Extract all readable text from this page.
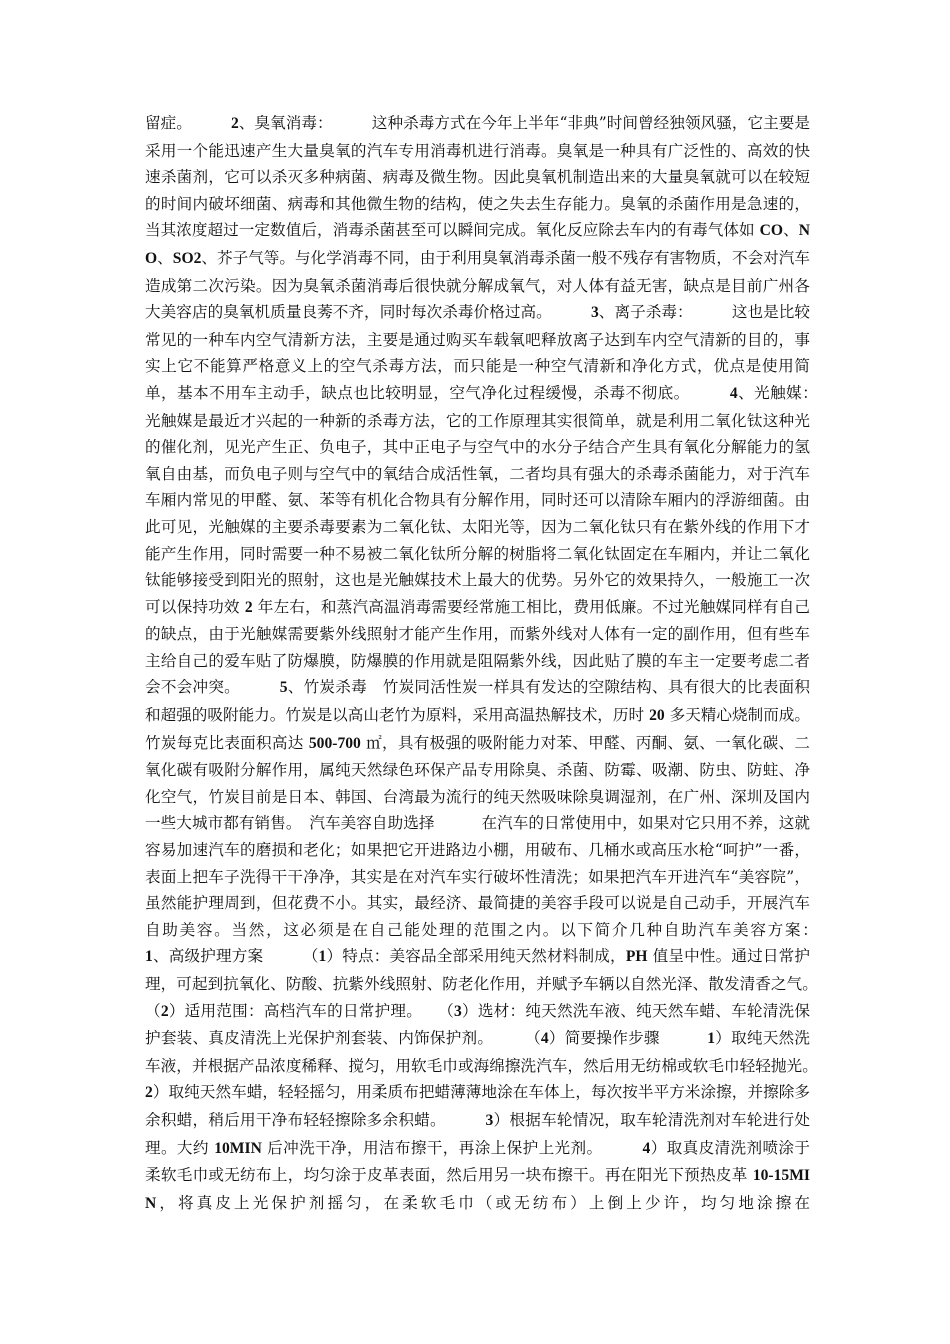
留症。　　　2、臭氧消毒：　　　这种杀毒方式在今年上半年“非典”时间曾经独领风骚，它主要是采用一个能迅速产生大量臭氧的汽车专用消毒机进行消毒。臭氧是一种具有广泛性的、高效的快速杀菌剂，它可以杀灭多种病菌、病毒及微生物。因此臭氧机制造出来的大量臭氧就可以在较短的时间内破坏细菌、病毒和其他微生物的结构，使之失去生存能力。臭氧的杀菌作用是急速的，当其浓度超过一定数值后，消毒杀菌甚至可以瞬间完成。氧化反应除去车内的有毒气体如 CO、NO、SO2、芥子气等。与化学消毒不同，由于利用臭氧消毒杀菌一般不残存有害物质，不会对汽车造成第二次污染。因为臭氧杀菌消毒后很快就分解成氧气，对人体有益无害，缺点是目前广州各大美容店的臭氧机质量良莠不齐，同时每次杀毒价格过高。　　　3、离子杀毒：　　　这也是比较常见的一种车内空气清新方法，主要是通过购买车载氧吧释放离子达到车内空气清新的目的，事实上它不能算严格意义上的空气杀毒方法，而只能是一种空气清新和净化方式，优点是使用简单，基本不用车主动手，缺点也比较明显，空气净化过程缓慢，杀毒不彻底。　　　4、光触媒：　　　光触媒是最近才兴起的一种新的杀毒方法，它的工作原理其实很简单，就是利用二氧化钛这种光的催化剂，见光产生正、负电子，其中正电子与空气中的水分子结合产生具有氧化分解能力的氢氧自由基，而负电子则与空气中的氧结合成活性氧，二者均具有强大的杀毒杀菌能力，对于汽车车厢内常见的甲醛、氨、苯等有机化合物具有分解作用，同时还可以清除车厢内的浮游细菌。由此可见，光触媒的主要杀毒要素为二氧化钛、太阳光等，因为二氧化钛只有在紫外线的作用下才能产生作用，同时需要一种不易被二氧化钛所分解的树脂将二氧化钛固定在车厢内，并让二氧化钛能够接受到阳光的照射，这也是光触媒技术上最大的优势。另外它的效果持久，一般施工一次可以保持功效 2 年左右，和蒸汽高温消毒需要经常施工相比，费用低廉。不过光触媒同样有自己的缺点，由于光触媒需要紫外线照射才能产生作用，而紫外线对人体有一定的副作用，但有些车主给自己的爱车贴了防爆膜，防爆膜的作用就是阻隔紫外线，因此贴了膜的车主一定要考虑二者会不会冲突。　　　5、竹炭杀毒　竹炭同活性炭一样具有发达的空隙结构、具有很大的比表面积和超强的吸附能力。竹炭是以高山老竹为原料，采用高温热解技术，历时 20 多天精心烧制而成。竹炭每克比表面积高达 500-700 ㎡，具有极强的吸附能力对苯、甲醛、丙酮、氨、一氧化碳、二氧化碳有吸附分解作用，属纯天然绿色环保产品专用除臭、杀菌、防霉、吸潮、防虫、防蛀、净化空气，竹炭目前是日本、韩国、台湾最为流行的纯天然吸味除臭调湿剂，在广州、深圳及国内一些大城市都有销售。　汽车美容自助选择　　　在汽车的日常使用中，如果对它只用不养，这就容易加速汽车的磨损和老化；如果把它开进路边小棚，用破布、几桶水或高压水枪“呵护”一番，表面上把车子洗得干干净净，其实是在对汽车实行破坏性清洗；如果把汽车开进汽车“美容院”，虽然能护理周到，但花费不小。其实，最经济、最简捷的美容手段可以说是自己动手，开展汽车自助美容。当然，这必须是在自己能处理的范围之内。以下简介几种自助汽车美容方案：　　　1、高级护理方案　　　（1）特点：美容品全部采用纯天然材料制成，PH 值呈中性。通过日常护理，可起到抗氧化、防酸、抗紫外线照射、防老化作用，并赋予车辆以自然光泽、散发清香之气。　　（2）适用范围：高档汽车的日常护理。　　（3）选材：纯天然洗车液、纯天然车蜡、车轮清洗保护套装、真皮清洗上光保护剂套装、内饰保护剂。　　　（4）简要操作步骤　　　1）取纯天然洗车液，并根据产品浓度稀释、搅匀，用软毛巾或海绵擦洗汽车，然后用无纺棉或软毛巾轻轻抛光。　　　2）取纯天然车蜡，轻轻摇匀，用柔质布把蜡薄薄地涂在车体上，每次按半平方米涂擦，并擦除多余积蜡，稍后用干净布轻轻擦除多余积蜡。　　　3）根据车轮情况，取车轮清洗剂对车轮进行处理。大约 10MIN 后冲洗干净，用洁布擦干，再涂上保护上光剂。　　　4）取真皮清洗剂喷涂于柔软毛巾或无纺布上，均匀涂于皮革表面，然后用另一块布擦干。再在阳光下预热皮革 10-15MIN，将真皮上光保护剂摇匀，在柔软毛巾（或无纺布）上倒上少许，均匀地涂擦在
